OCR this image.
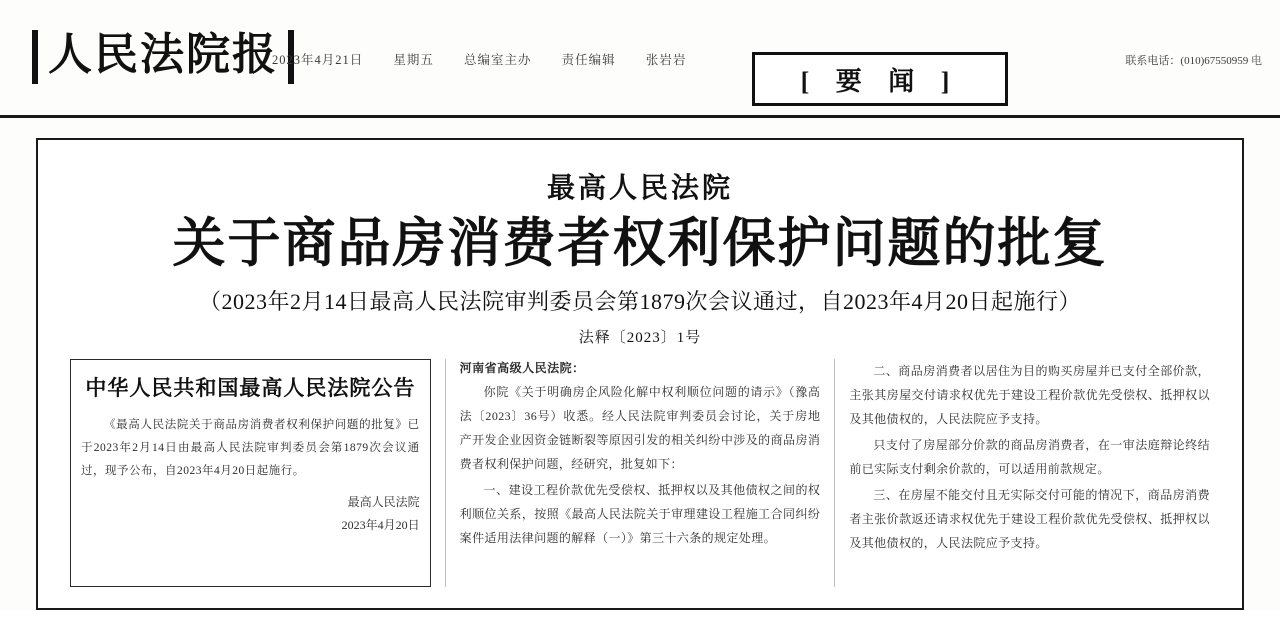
人民法院报
2023年4月21日 星期五 总编室主办 责任编辑 张岩岩
[ 要 闻 ]
联系电话：(010)67550959 电
最高人民法院
关于商品房消费者权利保护问题的批复
（2023年2月14日最高人民法院审判委员会第1879次会议通过，自2023年4月20日起施行）
法释〔2023〕1号
中华人民共和国最高人民法院公告
《最高人民法院关于商品房消费者权利保护问题的批复》已于2023年2月14日由最高人民法院审判委员会第1879次会议通过，现予公布，自2023年4月20日起施行。
最高人民法院
2023年4月20日
河南省高级人民法院：

你院《关于明确房企风险化解中权利顺位问题的请示》（豫高法〔2023〕36号）收悉。经人民法院审判委员会讨论，关于房地产开发企业因资金链断裂等原因引发的相关纠纷中涉及的商品房消费者权利保护问题，经研究，批复如下：

一、建设工程价款优先受偿权、抵押权以及其他债权之间的权利顺位关系，按照《最高人民法院关于审理建设工程施工合同纠纷案件适用法律问题的解释（一）》第三十六条的规定处理。

二、商品房消费者以居住为目的购买房屋并已支付全部价款，主张其房屋交付请求权优先于建设工程价款优先受偿权、抵押权以及其他债权的，人民法院应予支持。

只支付了房屋部分价款的商品房消费者，在一审法庭辩论终结前已实际支付剩余价款的，可以适用前款规定。

三、在房屋不能交付且无实际交付可能的情况下，商品房消费者主张价款返还请求权优先于建设工程价款优先受偿权、抵押权以及其他债权的，人民法院应予支持。
